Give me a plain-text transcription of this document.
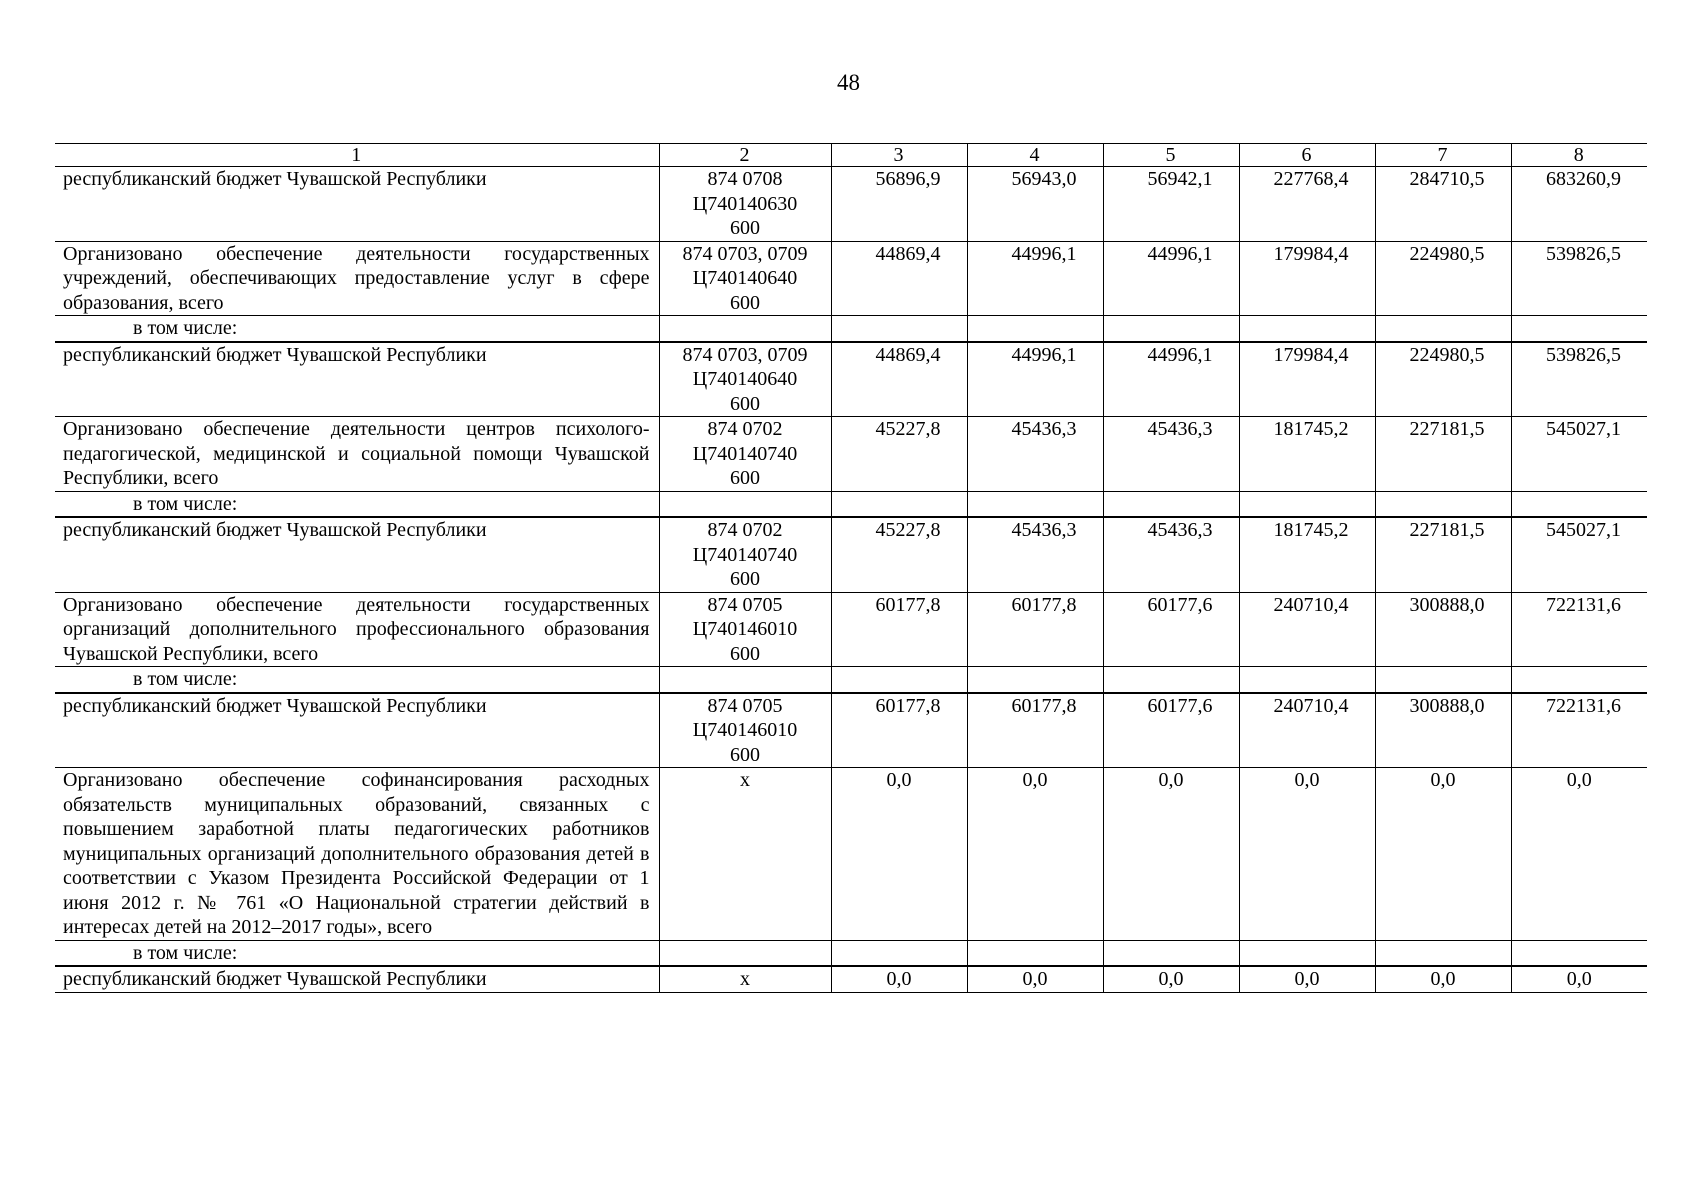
48
1	2	3	4	5	6	7	8
республиканский бюджет Чувашской Республики	874 0708
Ц740140630
600	56896,9	56943,0	56942,1	227768,4	284710,5	683260,9
Организовано обеспечение деятельности государственных учреждений, обеспечивающих предоставление услуг в сфере образования, всего	874 0703, 0709
Ц740140640
600	44869,4	44996,1	44996,1	179984,4	224980,5	539826,5
в том числе:							
республиканский бюджет Чувашской Республики	874 0703, 0709
Ц740140640
600	44869,4	44996,1	44996,1	179984,4	224980,5	539826,5
Организовано обеспечение деятельности центров психолого-педагогической, медицинской и социальной помощи Чувашской Республики, всего	874 0702
Ц740140740
600	45227,8	45436,3	45436,3	181745,2	227181,5	545027,1
в том числе:							
республиканский бюджет Чувашской Республики	874 0702
Ц740140740
600	45227,8	45436,3	45436,3	181745,2	227181,5	545027,1
Организовано обеспечение деятельности государственных организаций дополнительного профессионального образования Чувашской Республики, всего	874 0705
Ц740146010
600	60177,8	60177,8	60177,6	240710,4	300888,0	722131,6
в том числе:							
республиканский бюджет Чувашской Республики	874 0705
Ц740146010
600	60177,8	60177,8	60177,6	240710,4	300888,0	722131,6
Организовано обеспечение софинансирования расходных обязательств муниципальных образований, связанных с повышением заработной платы педагогических работников муниципальных организаций дополнительного образования детей в соответствии с Указом Президента Российской Федерации от 1 июня 2012 г. № 761 «О Национальной стратегии действий в интересах детей на 2012–2017 годы», всего	x	0,0	0,0	0,0	0,0	0,0	0,0
в том числе:							
республиканский бюджет Чувашской Республики	x	0,0	0,0	0,0	0,0	0,0	0,0
